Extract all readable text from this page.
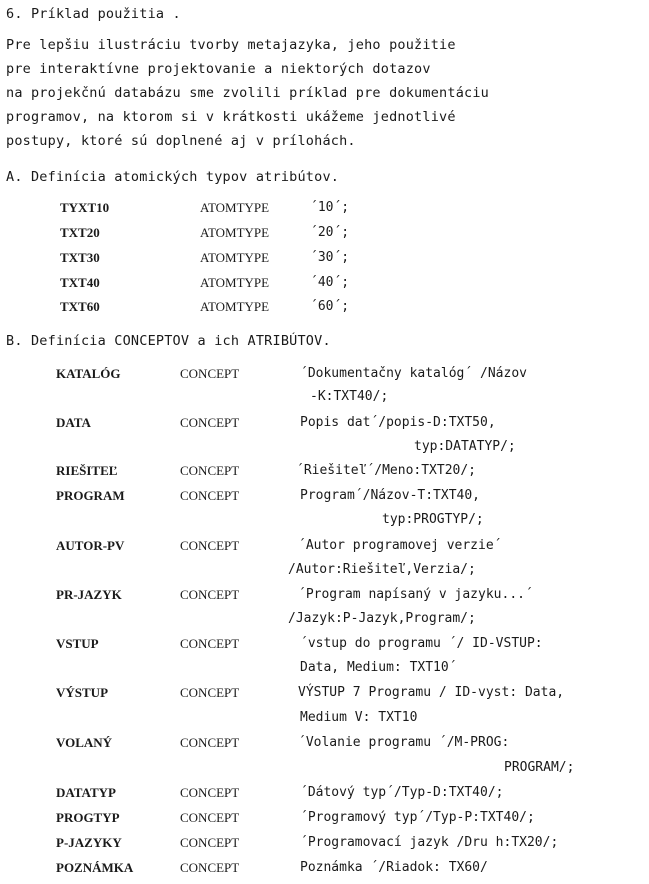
6. Príklad použitia .
Pre lepšiu ilustráciu tvorby metajazyka, jeho použitie
pre interaktívne projektovanie a niektorých dotazov
na projekčnú databázu sme zvolili príklad pre dokumentáciu
programov, na ktorom si v krátkosti ukážeme jednotlivé
postupy, ktoré sú doplnené aj v prílohách.
A. Definícia atomických typov atribútov.
TYXT10	ATOMTYPE	´10´;
TXT20	ATOMTYPE	´20´;
TXT30	ATOMTYPE	´30´;
TXT40	ATOMTYPE	´40´;
TXT60	ATOMTYPE	´60´;
B. Definícia CONCEPTOV a ich ATRIBÚTOV.
KATALÓG	CONCEPT	´Dokumentačny katalóg´ /Názov
-K:TXT40/;
DATA	CONCEPT	Popis dat´/popis-D:TXT50,
typ:DATATYP/;
RIEŠITEĽ	CONCEPT	´Riešiteľ´/Meno:TXT20/;
PROGRAM	CONCEPT	Program´/Názov-T:TXT40,
typ:PROGTYP/;
AUTOR-PV	CONCEPT	´Autor programovej verzie´
/Autor:Riešiteľ,Verzia/;
PR-JAZYK	CONCEPT	´Program napísaný v jazyku...´
/Jazyk:P-Jazyk,Program/;
VSTUP	CONCEPT	´vstup do programu ´/ ID-VSTUP:
Data, Medium: TXT10´
VÝSTUP	CONCEPT	VÝSTUP 7 Programu / ID-vyst: Data,
Medium V: TXT10
VOLANÝ	CONCEPT	´Volanie programu ´/M-PROG:
PROGRAM/;
DATATYP	CONCEPT	´Dátový typ´/Typ-D:TXT40/;
PROGTYP	CONCEPT	´Programový typ´/Typ-P:TXT40/;
P-JAZYKY	CONCEPT	´Programovací jazyk /Dru h:TX20/;
POZNÁMKA	CONCEPT	Poznámka ´/Riadok: TX60/
